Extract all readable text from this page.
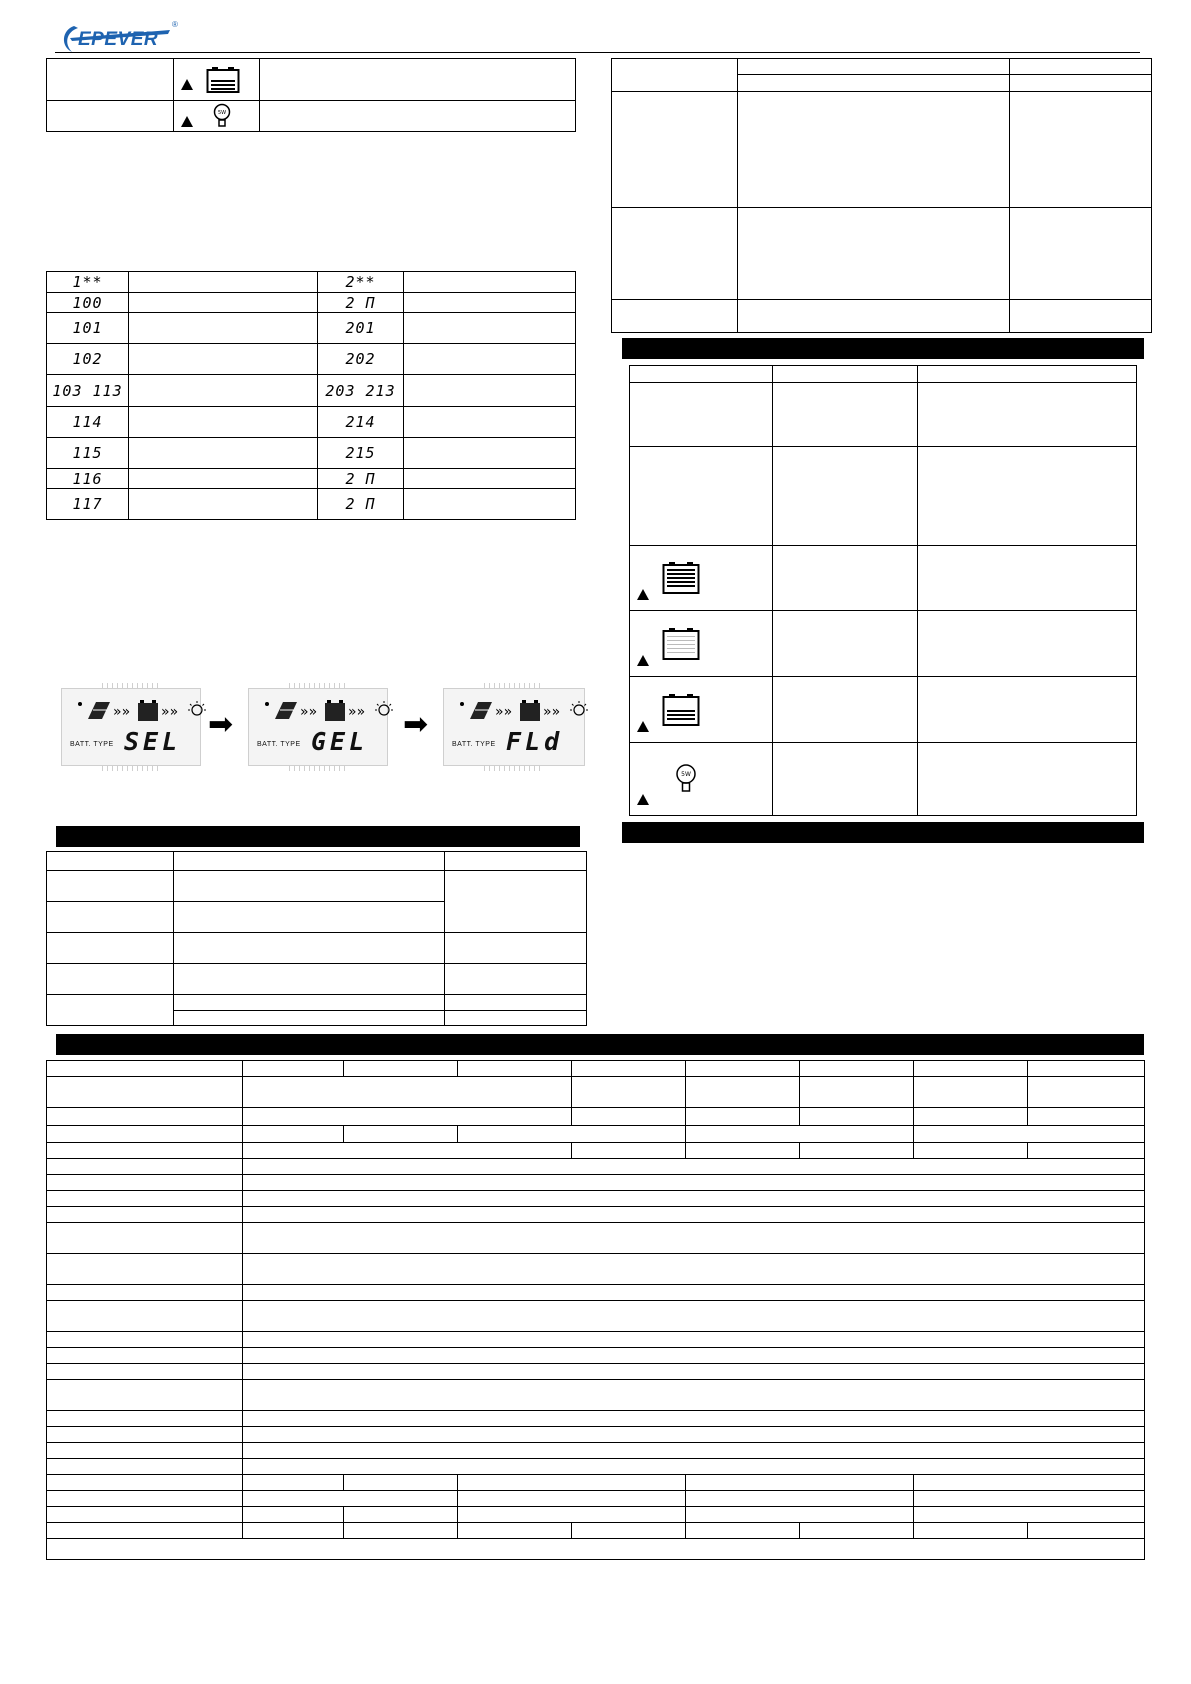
EPEVER
®

5W	

1**		2**	
100		2 П	
101		201	
102		202	
103 113		203 213	
114		214	
115		215	
116		2 П	
117		2 П	
»» »»
BATT. TYPE SEL
➡	»» »»
BATT. TYPE GEL
➡	»» »»
BATT. TYPE FLd

5W		
